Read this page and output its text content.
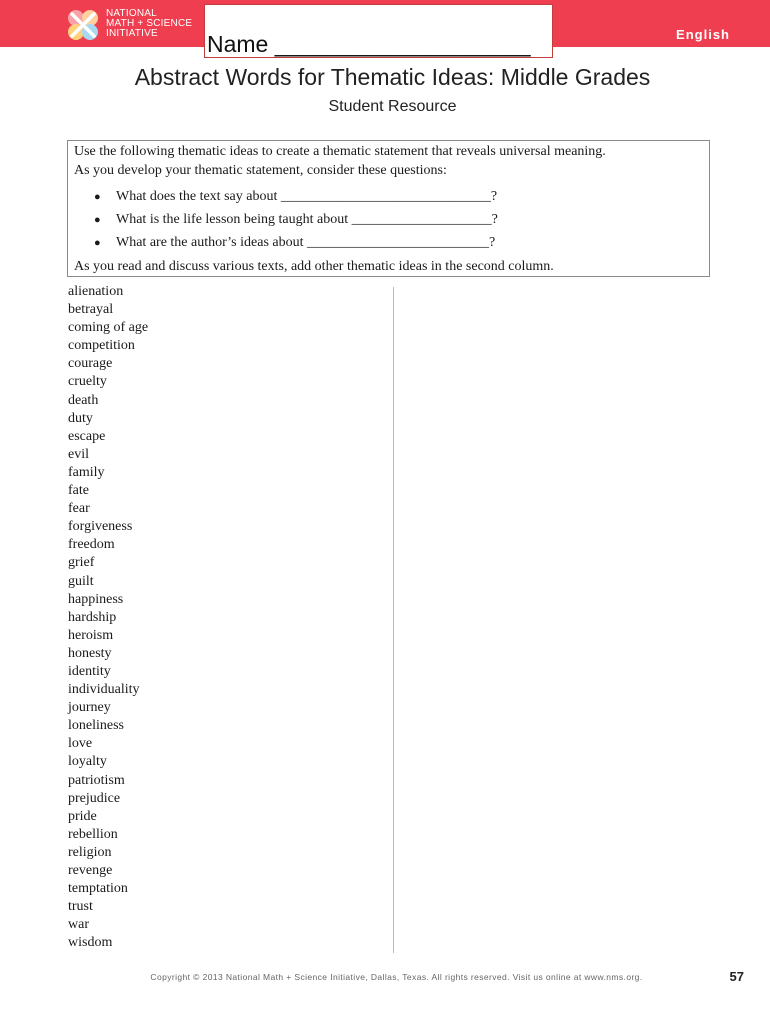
NATIONAL
MATH + SCIENCE
INITIATIVE	English
Name ____________________
Abstract Words for Thematic Ideas: Middle Grades
Student Resource
Use the following thematic ideas to create a thematic statement that reveals universal meaning.
As you develop your thematic statement, consider these questions:
● What does the text say about ______________________________?
● What is the life lesson being taught about ____________________?
● What are the author’s ideas about __________________________?
As you read and discuss various texts, add other thematic ideas in the second column.
alienation
betrayal
coming of age
competition
courage
cruelty
death
duty
escape
evil
family
fate
fear
forgiveness
freedom
grief
guilt
happiness
hardship
heroism
honesty
identity
individuality
journey
loneliness
love
loyalty
patriotism
prejudice
pride
rebellion
religion
revenge
temptation
trust
war
wisdom
Copyright © 2013 National Math + Science Initiative, Dallas, Texas. All rights reserved. Visit us online at www.nms.org.	57
